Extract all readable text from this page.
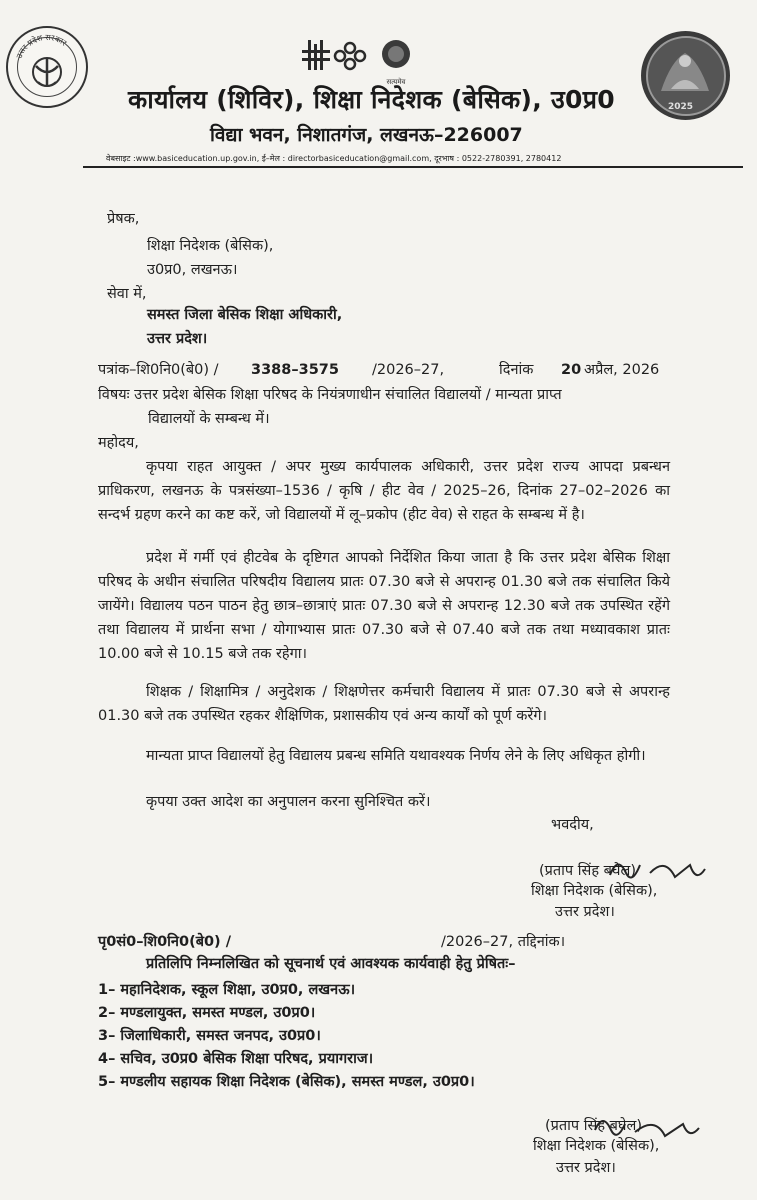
उत्तर प्रदेश सरकार
सत्यमेव
2025
कार्यालय (शिविर), शिक्षा निदेशक (बेसिक), उ0प्र0
विद्या भवन, निशातगंज, लखनऊ–226007
वेबसाइट :www.basiceducation.up.gov.in, ई–मेल : directorbasiceducation@gmail.com, दूरभाष : 0522-2780391, 2780412
प्रेषक,
शिक्षा निदेशक (बेसिक),
उ0प्र0, लखनऊ।
सेवा में,
समस्त जिला बेसिक शिक्षा अधिकारी,
उत्तर प्रदेश।
पत्रांक–शि0नि0(बे0) / 3388–3575 /2026–27,	दिनांक 20 अप्रैल, 2026
विषयः उत्तर प्रदेश बेसिक शिक्षा परिषद के नियंत्रणाधीन संचालित विद्यालयों / मान्यता प्राप्त
विद्यालयों के सम्बन्ध में।
महोदय,
कृपया राहत आयुक्त / अपर मुख्य कार्यपालक अधिकारी, उत्तर प्रदेश राज्य आपदा प्रबन्धन प्राधिकरण, लखनऊ के पत्रसंख्या–1536 / कृषि / हीट वेव / 2025–26, दिनांक 27–02–2026 का सन्दर्भ ग्रहण करने का कष्ट करें, जो विद्यालयों में लू–प्रकोप (हीट वेव) से राहत के सम्बन्ध में है।
प्रदेश में गर्मी एवं हीटवेब के दृष्टिगत आपको निर्देशित किया जाता है कि उत्तर प्रदेश बेसिक शिक्षा परिषद के अधीन संचालित परिषदीय विद्यालय प्रातः 07.30 बजे से अपरान्ह 01.30 बजे तक संचालित किये जायेंगे। विद्यालय पठन पाठन हेतु छात्र–छात्राएं प्रातः 07.30 बजे से अपरान्ह 12.30 बजे तक उपस्थित रहेंगे तथा विद्यालय में प्रार्थना सभा / योगाभ्यास प्रातः 07.30 बजे से 07.40 बजे तक तथा मध्यावकाश प्रातः 10.00 बजे से 10.15 बजे तक रहेगा।
शिक्षक / शिक्षामित्र / अनुदेशक / शिक्षणेत्तर कर्मचारी विद्यालय में प्रातः 07.30 बजे से अपरान्ह 01.30 बजे तक उपस्थित रहकर शैक्षिणिक, प्रशासकीय एवं अन्य कार्यों को पूर्ण करेंगे।
मान्यता प्राप्त विद्यालयों हेतु विद्यालय प्रबन्ध समिति यथावश्यक निर्णय लेने के लिए अधिकृत होगी।
कृपया उक्त आदेश का अनुपालन करना सुनिश्चित करें।
भवदीय,
(प्रताप सिंह बघेल)
शिक्षा निदेशक (बेसिक),
उत्तर प्रदेश।
पृ0सं0–शि0नि0(बे0) /	/2026–27, तद्दिनांक।
प्रतिलिपि निम्नलिखित को सूचनार्थ एवं आवश्यक कार्यवाही हेतु प्रेषितः–
1– महानिदेशक, स्कूल शिक्षा, उ0प्र0, लखनऊ।
2– मण्डलायुक्त, समस्त मण्डल, उ0प्र0।
3– जिलाधिकारी, समस्त जनपद, उ0प्र0।
4– सचिव, उ0प्र0 बेसिक शिक्षा परिषद, प्रयागराज।
5– मण्डलीय सहायक शिक्षा निदेशक (बेसिक), समस्त मण्डल, उ0प्र0।
(प्रताप सिंह बघेल)
शिक्षा निदेशक (बेसिक),
उत्तर प्रदेश।
